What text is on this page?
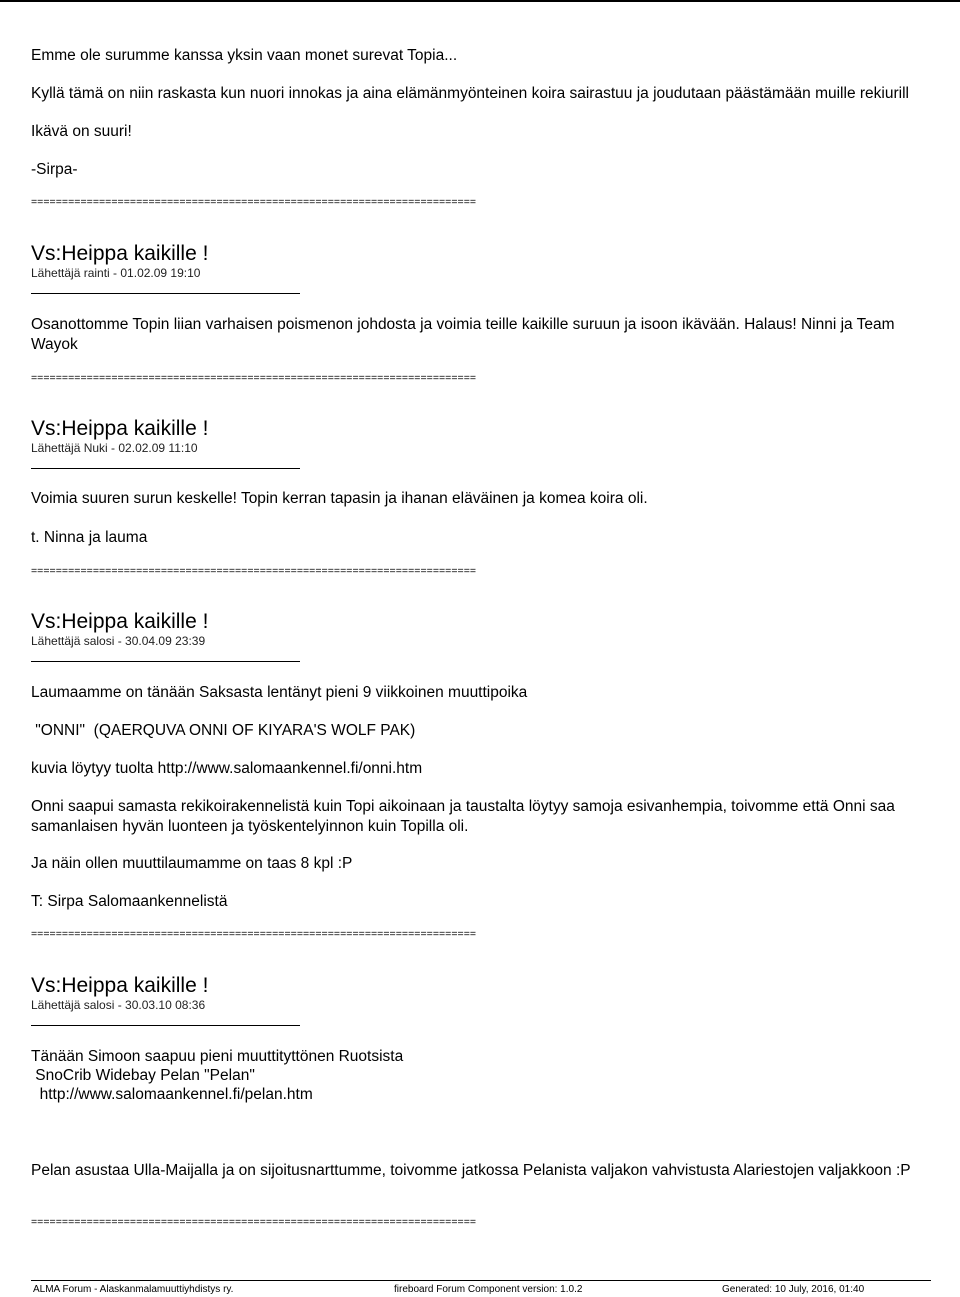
Emme ole surumme kanssa yksin vaan monet surevat Topia...

Kyllä tämä on niin raskasta kun nuori innokas ja aina elämänmyönteinen koira sairastuu ja joudutaan päästämään muille rekiurill

Ikävä on suuri!

-Sirpa-

========================================================================

Vs:Heippa kaikille !

Lähettäjä rainti - 01.02.09 19:10

Osanottomme Topin liian varhaisen poismenon johdosta ja voimia teille kaikille suruun ja isoon ikävään. Halaus! Ninni ja Team Wayok

========================================================================

Vs:Heippa kaikille !

Lähettäjä Nuki - 02.02.09 11:10

Voimia suuren surun keskelle! Topin kerran tapasin ja ihanan eläväinen ja komea koira oli.

t. Ninna ja lauma

========================================================================

Vs:Heippa kaikille !

Lähettäjä salosi - 30.04.09 23:39

Laumaamme on tänään Saksasta lentänyt pieni 9 viikkoinen muuttipoika

"ONNI"  (QAERQUVA ONNI OF KIYARA'S WOLF PAK)

kuvia löytyy tuolta http://www.salomaankennel.fi/onni.htm

Onni saapui samasta rekikoirakennelistä kuin Topi aikoinaan ja taustalta löytyy samoja esivanhempia, toivomme että Onni saa samanlaisen hyvän luonteen ja työskentelyinnon kuin Topilla oli.

Ja näin ollen muuttilaumamme on taas 8 kpl :P

T: Sirpa Salomaankennelistä

========================================================================

Vs:Heippa kaikille !

Lähettäjä salosi - 30.03.10 08:36

Tänään Simoon saapuu pieni muuttityttönen Ruotsista

SnoCrib Widebay Pelan "Pelan"

http://www.salomaankennel.fi/pelan.htm

Pelan asustaa Ulla-Maijalla ja on sijoitusnarttumme, toivomme jatkossa Pelanista valjakon vahvistusta Alariestojen valjakkoon :P

========================================================================

ALMA Forum - Alaskanmalamuuttiyhdistys ry.	fireboard Forum Component version: 1.0.2	Generated: 10 July, 2016, 01:40
